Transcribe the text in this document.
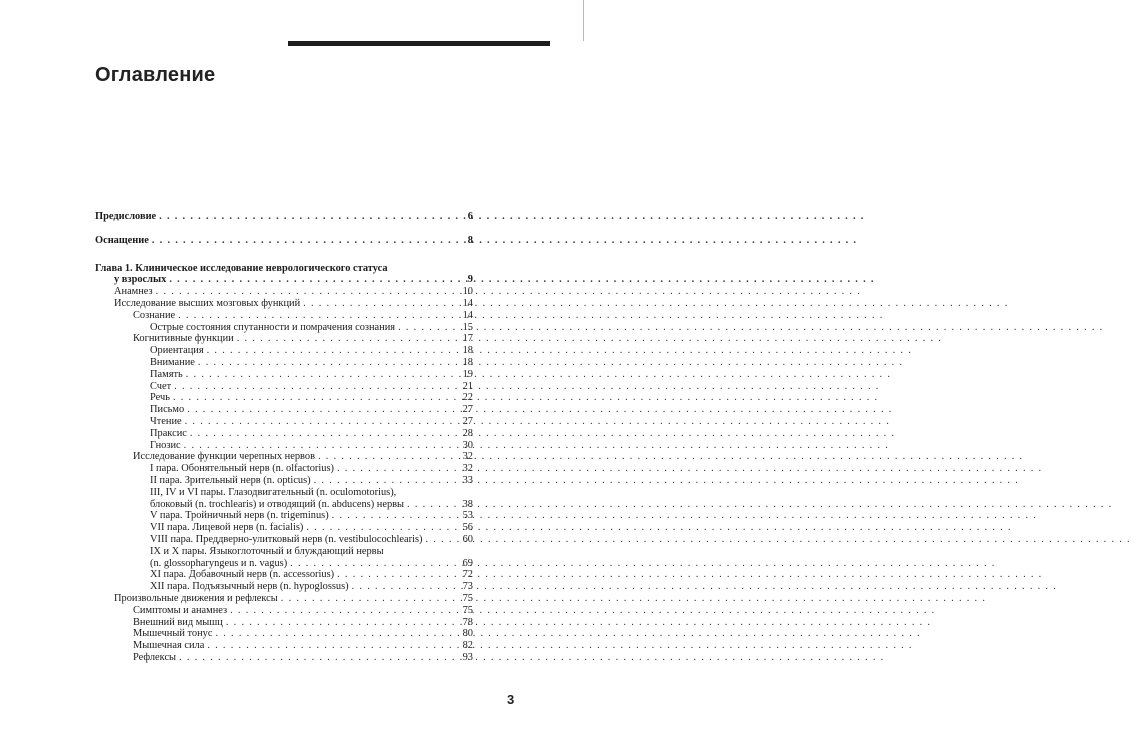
Оглавление
Предисловие . . .	6
Оснащение . . .	8
Глава 1. Клиническое исследование неврологического статуса
у взрослых . . .	9
Анамнез . . .	10
Исследование высших мозговых функций . . .	14
Сознание . . .	14
Острые состояния спутанности и помрачения сознания . . .	15
Когнитивные функции . . .	17
Ориентация . . .	18
Внимание . . .	18
Память . . .	19
Счет . . .	21
Речь . . .	22
Письмо . . .	27
Чтение . . .	27
Праксис . . .	28
Гнозис . . .	30
Исследование функции черепных нервов . . .	32
I пара. Обонятельный нерв (n. olfactorius) . . .	32
II пара. Зрительный нерв (n. opticus) . . .	33
III, IV и VI пары. Глазодвигательный (n. oculomotorius),
блоковый (n. trochlearis) и отводящий (n. abducens) нервы . . .	38
V пара. Тройничный нерв (n. trigeminus) . . .	53
VII пара. Лицевой нерв (n. facialis) . . .	56
VIII пара. Преддверно-улитковый нерв (n. vestibulocochlearis) . . .	60
IX и X пары. Языкоглоточный и блуждающий нервы
(n. glossopharyngeus и n. vagus) . . .	69
XI пара. Добавочный нерв (n. accessorius) . . .	72
XII пара. Подъязычный нерв (n. hypoglossus) . . .	73
Произвольные движения и рефлексы . . .	75
Симптомы и анамнез . . .	75
Внешний вид мышц . . .	78
Мышечный тонус . . .	80
Мышечная сила . . .	82
Рефлексы . . .	93
3
